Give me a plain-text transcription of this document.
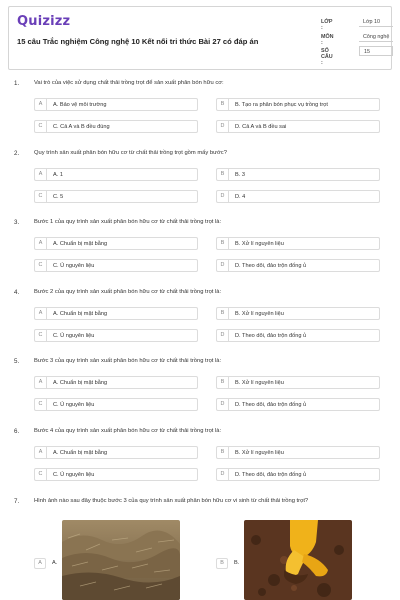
Quizizz
15 câu Trắc nghiệm Công nghệ 10 Kết nối tri thức Bài 27 có đáp án
LỚP :
Lớp 10
MÔN :
Công nghệ
SỐ CÂU :
15
1.	Vai trò của việc sử dụng chất thải trồng trọt để sản xuất phân bón hữu cơ:
A	A. Bảo vệ môi trường	B	B. Tạo ra phân bón phục vụ trồng trọt
C	C. Cả A và B đều đúng	D	D. Cả A và B đều sai
2.	Quy trình sản xuất phân bón hữu cơ từ chất thải trồng trọt gồm mấy bước?
A	A. 1	B	B. 3
C	C. 5	D	D. 4
3.	Bước 1 của quy trình sản xuất phân bón hữu cơ từ chất thải trồng trọt là:
A	A. Chuẩn bị mặt bằng	B	B. Xử lí nguyên liệu
C	C. Ủ nguyên liệu	D	D. Theo dõi, đảo trộn đống ủ
4.	Bước 2 của quy trình sản xuất phân bón hữu cơ từ chất thải trồng trọt là:
A	A. Chuẩn bị mặt bằng	B	B. Xử lí nguyên liệu
C	C. Ủ nguyên liệu	D	D. Theo dõi, đảo trộn đống ủ
5.	Bước 3 của quy trình sản xuất phân bón hữu cơ từ chất thải trồng trọt là:
A	A. Chuẩn bị mặt bằng	B	B. Xử lí nguyên liệu
C	C. Ủ nguyên liệu	D	D. Theo dõi, đảo trộn đống ủ
6.	Bước 4 của quy trình sản xuất phân bón hữu cơ từ chất thải trồng trọt là:
A	A. Chuẩn bị mặt bằng	B	B. Xử lí nguyên liệu
C	C. Ủ nguyên liệu	D	D. Theo dõi, đảo trộn đống ủ
7.	Hình ảnh nào sau đây thuộc bước 3 của quy trình sản xuất phân bón hữu cơ vi sinh từ chất thải trồng trọt?
A	A.	B	B.
